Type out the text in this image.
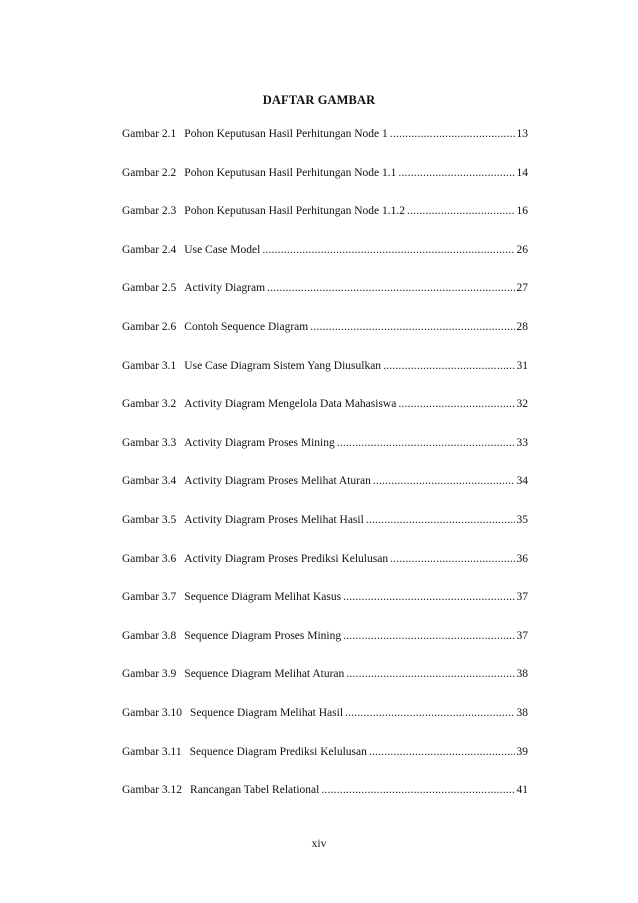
DAFTAR GAMBAR
Gambar 2.1 Pohon Keputusan Hasil Perhitungan Node 1 .....	13
Gambar 2.2 Pohon Keputusan Hasil Perhitungan Node 1.1 .....	14
Gambar 2.3 Pohon Keputusan Hasil Perhitungan Node 1.1.2 .....	16
Gambar 2.4 Use Case Model .....	26
Gambar 2.5 Activity Diagram .....	27
Gambar 2.6 Contoh Sequence Diagram .....	28
Gambar 3.1 Use Case Diagram Sistem Yang Diusulkan .....	31
Gambar 3.2 Activity Diagram Mengelola Data Mahasiswa .....	32
Gambar 3.3 Activity Diagram Proses Mining .....	33
Gambar 3.4 Activity Diagram Proses Melihat Aturan .....	34
Gambar 3.5 Activity Diagram Proses Melihat Hasil .....	35
Gambar 3.6 Activity Diagram Proses Prediksi Kelulusan .....	36
Gambar 3.7 Sequence Diagram Melihat Kasus .....	37
Gambar 3.8 Sequence Diagram Proses Mining .....	37
Gambar 3.9 Sequence Diagram Melihat Aturan .....	38
Gambar 3.10 Sequence Diagram Melihat Hasil .....	38
Gambar 3.11 Sequence Diagram Prediksi Kelulusan .....	39
Gambar 3.12 Rancangan Tabel Relational .....	41
xiv
